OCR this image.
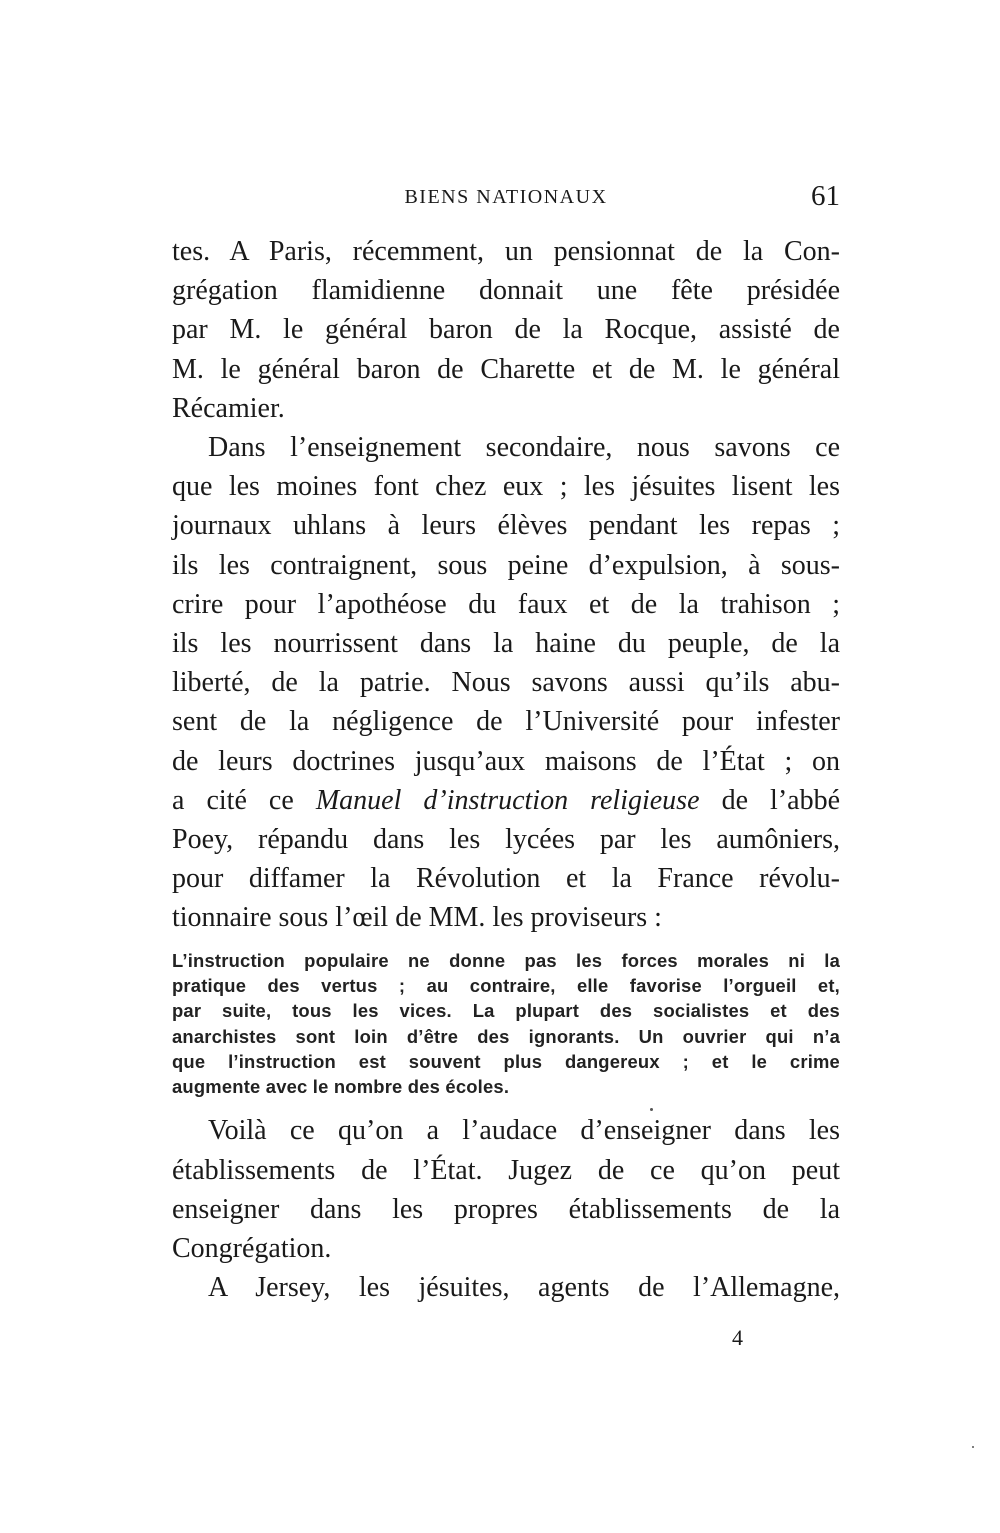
BIENS NATIONAUX	61

tes. A Paris, récemment, un pensionnat de la Con-
grégation flamidienne donnait une fête présidée
par M. le général baron de la Rocque, assisté de
M. le général baron de Charette et de M. le général
Récamier.

Dans l’enseignement secondaire, nous savons ce
que les moines font chez eux ; les jésuites lisent les
journaux uhlans à leurs élèves pendant les repas ;
ils les contraignent, sous peine d’expulsion, à sous-
crire pour l’apothéose du faux et de la trahison ;
ils les nourrissent dans la haine du peuple, de la
liberté, de la patrie. Nous savons aussi qu’ils abu-
sent de la négligence de l’Université pour infester
de leurs doctrines jusqu’aux maisons de l’État ; on
a cité ce Manuel d’instruction religieuse de l’abbé
Poey, répandu dans les lycées par les aumôniers,
pour diffamer la Révolution et la France révolu-
tionnaire sous l’œil de MM. les proviseurs :

L’instruction populaire ne donne pas les forces morales ni la
pratique des vertus ; au contraire, elle favorise l’orgueil et,
par suite, tous les vices. La plupart des socialistes et des
anarchistes sont loin d’être des ignorants. Un ouvrier qui n’a
que l’instruction est souvent plus dangereux ; et le crime
augmente avec le nombre des écoles.

Voilà ce qu’on a l’audace d’enseigner dans les
établissements de l’État. Jugez de ce qu’on peut
enseigner dans les propres établissements de la
Congrégation.

A Jersey, les jésuites, agents de l’Allemagne,

4
